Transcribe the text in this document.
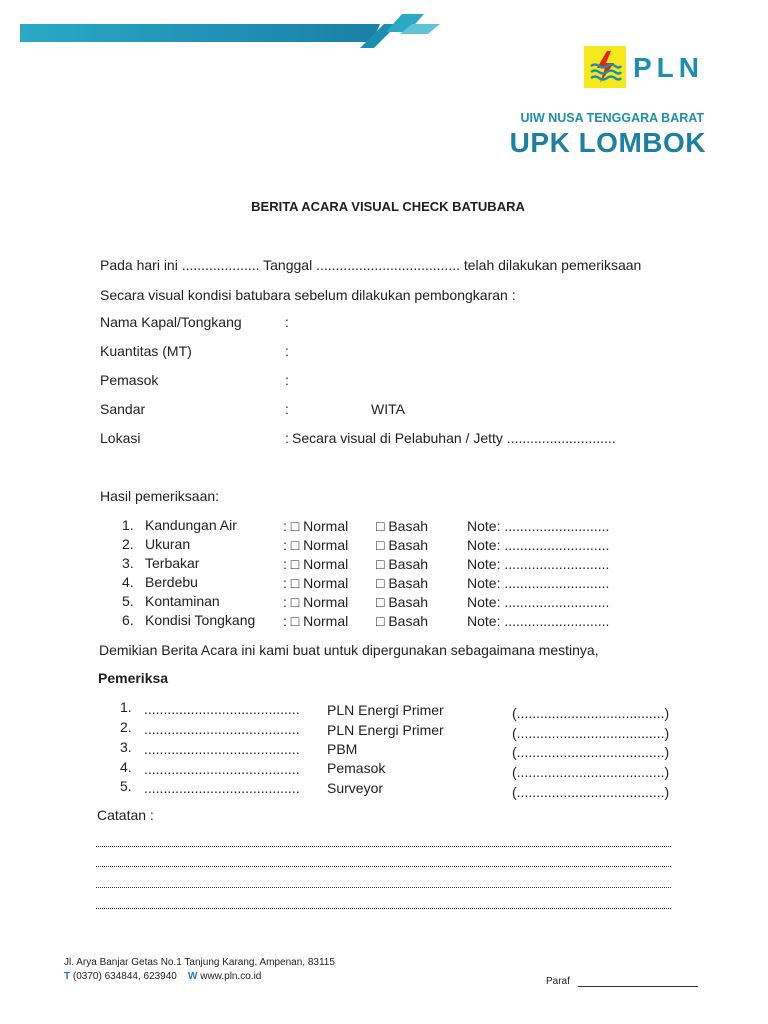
PLN
UIW NUSA TENGGARA BARAT
UPK LOMBOK
BERITA ACARA VISUAL CHECK BATUBARA
Pada hari ini .................... Tanggal ..................................... telah dilakukan pemeriksaan
Secara visual kondisi batubara sebelum dilakukan pembongkaran :
Nama Kapal/Tongkang	:
Kuantitas (MT)	:
Pemasok	:
Sandar	:	WITA
Lokasi	: Secara visual di Pelabuhan / Jetty ............................
Hasil pemeriksaan:
1. Kandungan Air	: □ Normal □ Basah	Note: ...........................
2. Ukuran	: □ Normal □ Basah	Note: ...........................
3. Terbakar	: □ Normal □ Basah	Note: ...........................
4. Berdebu	: □ Normal □ Basah	Note: ...........................
5. Kontaminan	: □ Normal □ Basah	Note: ...........................
6. Kondisi Tongkang : □ Normal □ Basah	Note: ...........................
Demikian Berita Acara ini kami buat untuk dipergunakan sebagaimana mestinya,
Pemeriksa
1. ........................................ PLN Energi Primer	(......................................)
2. ........................................ PLN Energi Primer	(......................................)
3. ........................................ PBM	(......................................)
4. ........................................ Pemasok	(......................................)
5. ........................................ Surveyor	(......................................)
Catatan :
Jl. Arya Banjar Getas No.1 Tanjung Karang, Ampenan, 83115
T (0370) 634844, 623940 W www.pln.co.id	Paraf
